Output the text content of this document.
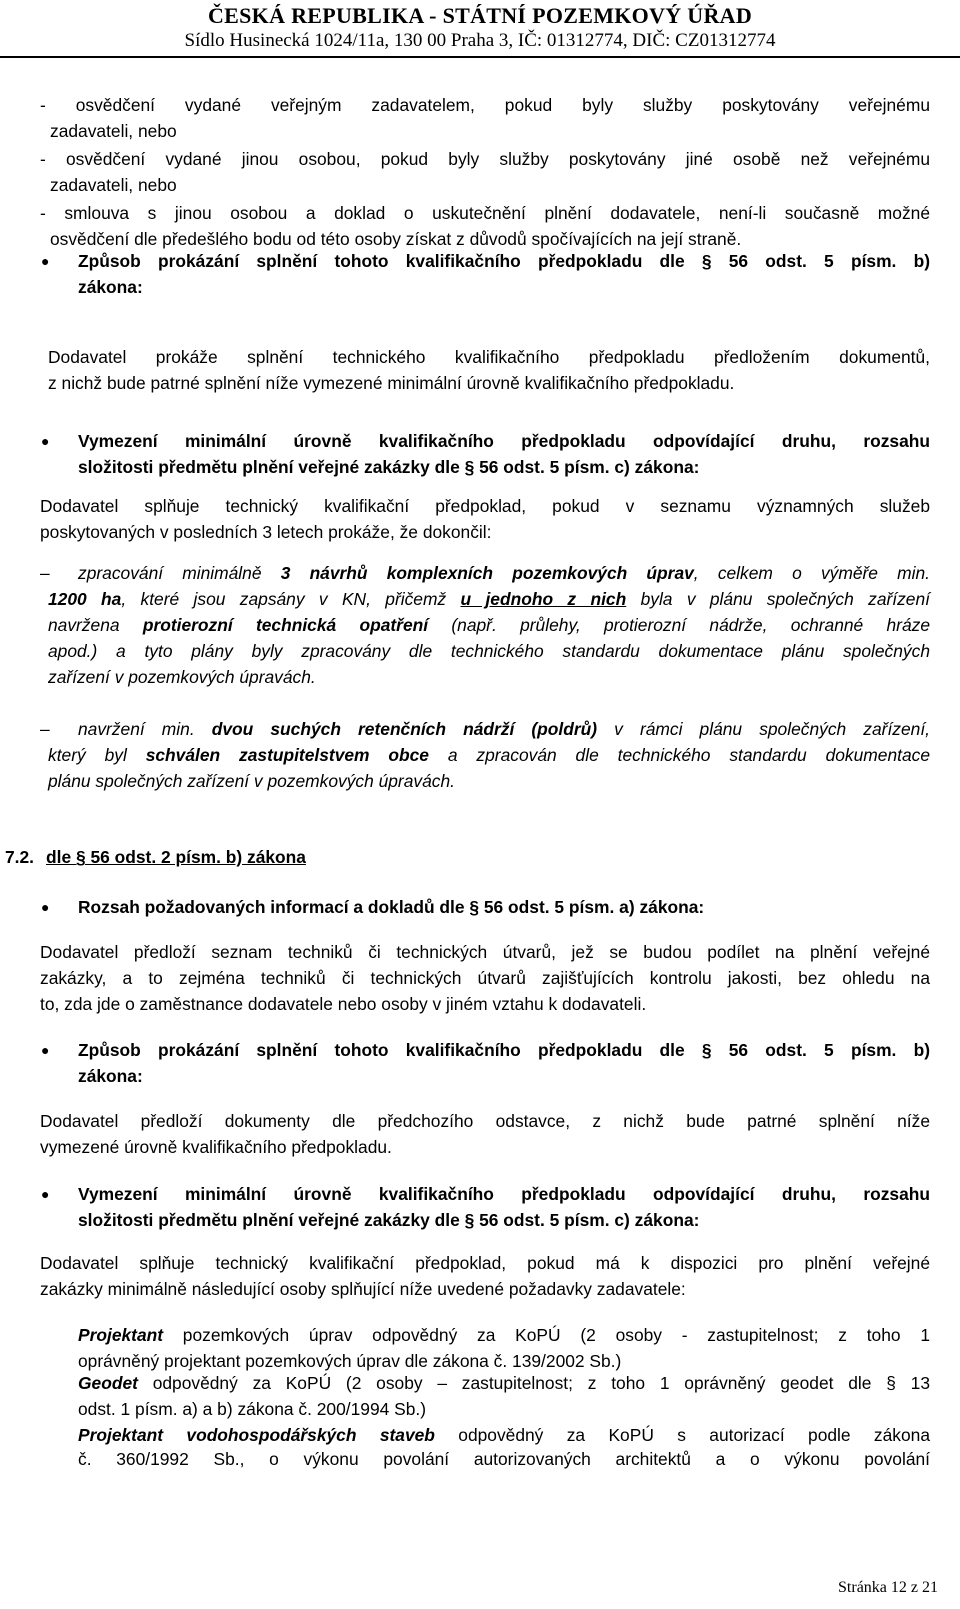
ČESKÁ REPUBLIKA - STÁTNÍ POZEMKOVÝ ÚŘAD
Sídlo Husinecká 1024/11a, 130 00 Praha 3, IČ: 01312774, DIČ: CZ01312774
- osvědčení vydané veřejným zadavatelem, pokud byly služby poskytovány veřejnému
zadavateli, nebo
- osvědčení vydané jinou osobou, pokud byly služby poskytovány jiné osobě než veřejnému
zadavateli, nebo
- smlouva s jinou osobou a doklad o uskutečnění plnění dodavatele, není-li současně možné
osvědčení dle předešlého bodu od této osoby získat z důvodů spočívajících na její straně.
● Způsob prokázání splnění tohoto kvalifikačního předpokladu dle § 56 odst. 5 písm. b)
zákona:
Dodavatel prokáže splnění technického kvalifikačního předpokladu předložením dokumentů,
z nichž bude patrné splnění níže vymezené minimální úrovně kvalifikačního předpokladu.
● Vymezení minimální úrovně kvalifikačního předpokladu odpovídající druhu, rozsahu
složitosti předmětu plnění veřejné zakázky dle § 56 odst. 5 písm. c) zákona:
Dodavatel splňuje technický kvalifikační předpoklad, pokud v seznamu významných služeb
poskytovaných v posledních 3 letech prokáže, že dokončil:
– zpracování minimálně 3 návrhů komplexních pozemkových úprav, celkem o výměře min.
1200 ha, které jsou zapsány v KN, přičemž u jednoho z nich byla v plánu společných zařízení
navržena protierozní technická opatření (např. průlehy, protierozní nádrže, ochranné hráze
apod.) a tyto plány byly zpracovány dle technického standardu dokumentace plánu společných
zařízení v pozemkových úpravách.
– navržení min. dvou suchých retenčních nádrží (poldrů) v rámci plánu společných zařízení,
který byl schválen zastupitelstvem obce a zpracován dle technického standardu dokumentace
plánu společných zařízení v pozemkových úpravách.
7.2. dle § 56 odst. 2 písm. b) zákona
● Rozsah požadovaných informací a dokladů dle § 56 odst. 5 písm. a) zákona:
Dodavatel předloží seznam techniků či technických útvarů, jež se budou podílet na plnění veřejné
zakázky, a to zejména techniků či technických útvarů zajišťujících kontrolu jakosti, bez ohledu na
to, zda jde o zaměstnance dodavatele nebo osoby v jiném vztahu k dodavateli.
● Způsob prokázání splnění tohoto kvalifikačního předpokladu dle § 56 odst. 5 písm. b)
zákona:
Dodavatel předloží dokumenty dle předchozího odstavce, z nichž bude patrné splnění níže
vymezené úrovně kvalifikačního předpokladu.
● Vymezení minimální úrovně kvalifikačního předpokladu odpovídající druhu, rozsahu
složitosti předmětu plnění veřejné zakázky dle § 56 odst. 5 písm. c) zákona:
Dodavatel splňuje technický kvalifikační předpoklad, pokud má k dispozici pro plnění veřejné
zakázky minimálně následující osoby splňující níže uvedené požadavky zadavatele:
Projektant pozemkových úprav odpovědný za KoPÚ (2 osoby - zastupitelnost; z toho 1
oprávněný projektant pozemkových úprav dle zákona č. 139/2002 Sb.)
Geodet odpovědný za KoPÚ (2 osoby – zastupitelnost; z toho 1 oprávněný geodet dle § 13
odst. 1 písm. a) a b) zákona č. 200/1994 Sb.)
Projektant vodohospodářských staveb odpovědný za KoPÚ s autorizací podle zákona
č. 360/1992 Sb., o výkonu povolání autorizovaných architektů a o výkonu povolání
Stránka 12 z 21
